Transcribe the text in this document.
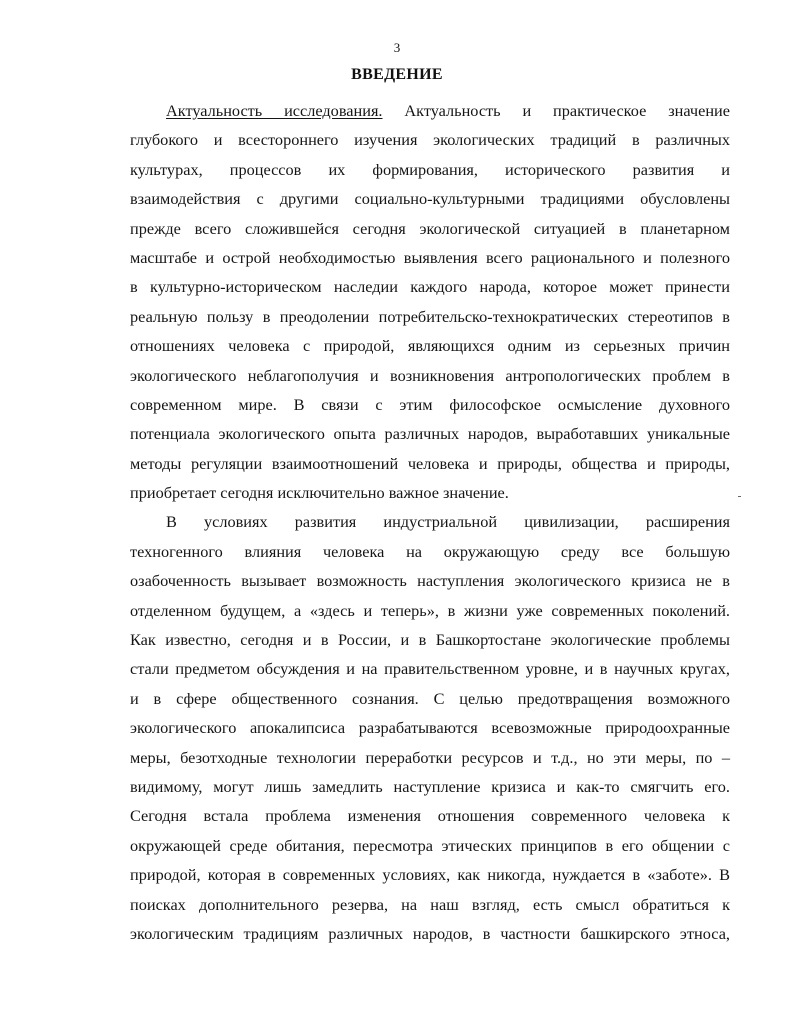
3
ВВЕДЕНИЕ
Актуальность исследования. Актуальность и практическое значение
глубокого и всестороннего изучения экологических традиций в различных
культурах, процессов их формирования, исторического развития и
взаимодействия с другими социально-культурными традициями обусловлены
прежде всего сложившейся сегодня экологической ситуацией в планетарном
масштабе и острой необходимостью выявления всего рационального и полезного
в культурно-историческом наследии каждого народа, которое может принести
реальную пользу в преодолении потребительско-технократических стереотипов в
отношениях человека с природой, являющихся одним из серьезных причин
экологического неблагополучия и возникновения антропологических проблем в
современном мире. В связи с этим философское осмысление духовного
потенциала экологического опыта различных народов, выработавших уникальные
методы регуляции взаимоотношений человека и природы, общества и природы,
приобретает сегодня исключительно важное значение.
В условиях развития индустриальной цивилизации, расширения
техногенного влияния человека на окружающую среду все большую
озабоченность вызывает возможность наступления экологического кризиса не в
отделенном будущем, а «здесь и теперь», в жизни уже современных поколений.
Как известно, сегодня и в России, и в Башкортостане экологические проблемы
стали предметом обсуждения и на правительственном уровне, и в научных кругах,
и в сфере общественного сознания. С целью предотвращения возможного
экологического апокалипсиса разрабатываются всевозможные природоохранные
меры, безотходные технологии переработки ресурсов и т.д., но эти меры, по –
видимому, могут лишь замедлить наступление кризиса и как-то смягчить его.
Сегодня встала проблема изменения отношения современного человека к
окружающей среде обитания, пересмотра этических принципов в его общении с
природой, которая в современных условиях, как никогда, нуждается в «заботе». В
поисках дополнительного резерва, на наш взгляд, есть смысл обратиться к
экологическим традициям различных народов, в частности башкирского этноса,
